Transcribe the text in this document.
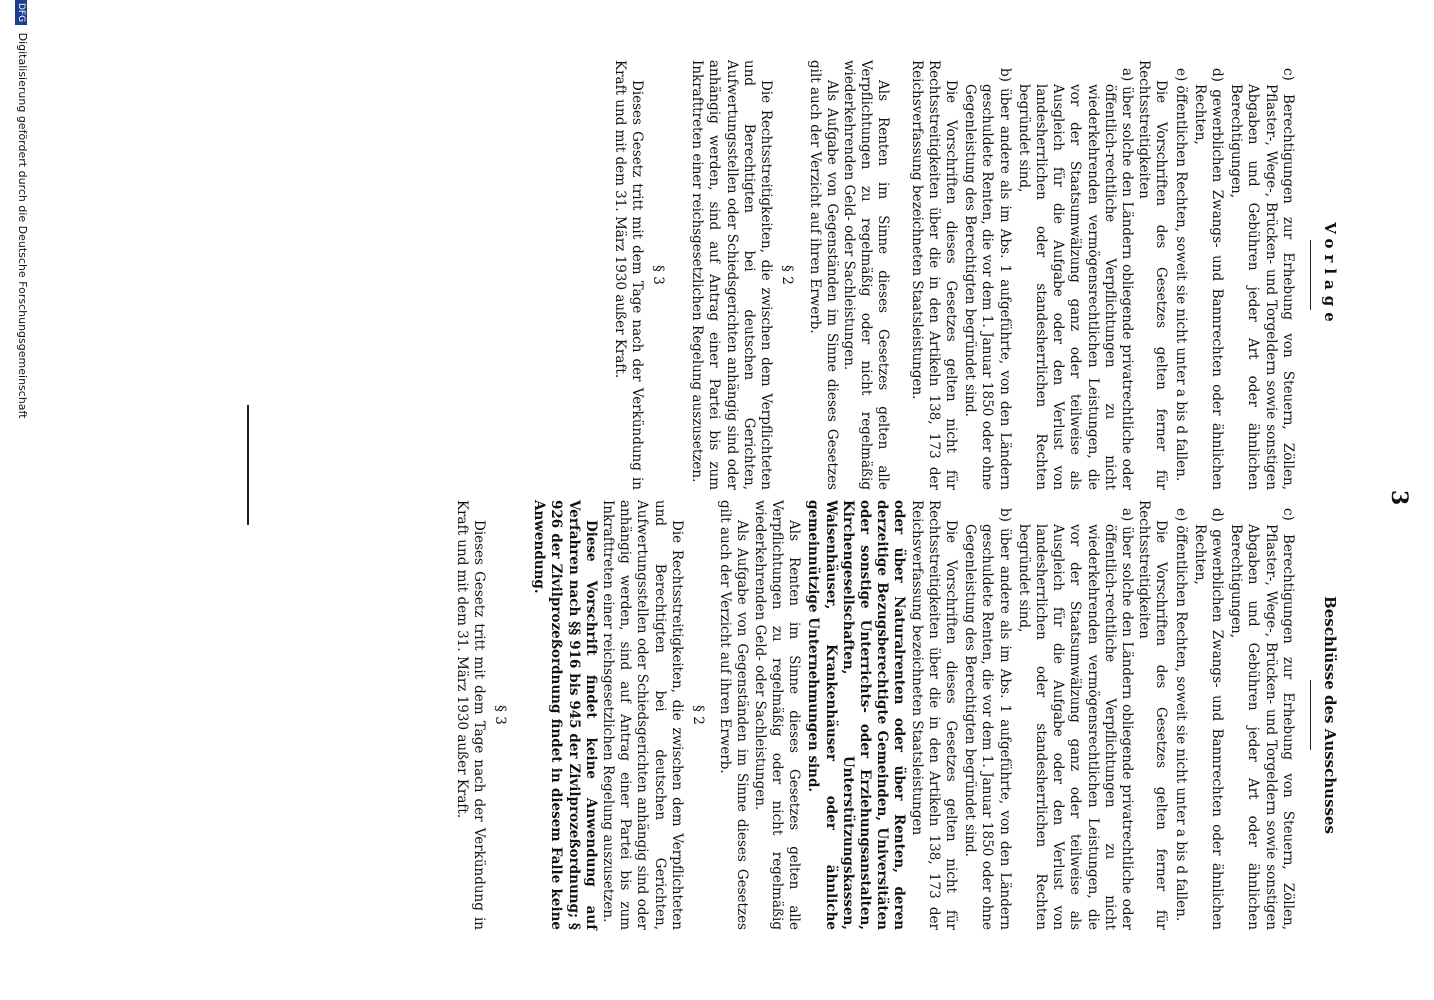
3
Vorlage

c) Berechtigungen zur Erhebung von Steuern, Zöllen, Pflaster-, Wege-, Brücken- und Torgeldern sowie sonstigen Abgaben und Gebühren jeder Art oder ähnlichen Berechtigungen,

d) gewerblichen Zwangs- und Bannrechten oder ähnlichen Rechten,

e) öffentlichen Rechten, soweit sie nicht unter a bis d fallen.

Die Vorschriften des Gesetzes gelten ferner für Rechtsstreitigkeiten

a) über solche den Ländern obliegende privatrechtliche oder öffentlich-rechtliche Verpflichtungen zu nicht wiederkehrenden vermögensrechtlichen Leistungen, die vor der Staatsumwälzung ganz oder teilweise als Ausgleich für die Aufgabe oder den Verlust von landesherrlichen oder standesherrlichen Rechten begründet sind,

b) über andere als im Abs. 1 aufgeführte, von den Ländern geschuldete Renten, die vor dem 1. Januar 1850 oder ohne Gegenleistung des Berechtigten begründet sind.

Die Vorschriften dieses Gesetzes gelten nicht für Rechtsstreitigkeiten über die in den Artikeln 138, 173 der Reichsverfassung bezeichneten Staatsleistungen.

Als Renten im Sinne dieses Gesetzes gelten alle Verpflichtungen zu regelmäßig oder nicht regelmäßig wiederkehrenden Geld- oder Sachleistungen.

Als Aufgabe von Gegenständen im Sinne dieses Gesetzes gilt auch der Verzicht auf ihren Erwerb.

§ 2

Die Rechtsstreitigkeiten, die zwischen dem Verpflichteten und Berechtigten bei deutschen Gerichten, Aufwertungsstellen oder Schiedsgerichten anhängig sind oder anhängig werden, sind auf Antrag einer Partei bis zum Inkrafttreten einer reichsgesetzlichen Regelung auszusetzen.

§ 3

Dieses Gesetz tritt mit dem Tage nach der Verkündung in Kraft und mit dem 31. März 1930 außer Kraft.

Beschlüsse des Ausschusses

c) Berechtigungen zur Erhebung von Steuern, Zöllen, Pflaster-, Wege-, Brücken- und Torgeldern sowie sonstigen Abgaben und Gebühren jeder Art oder ähnlichen Berechtigungen,

d) gewerblichen Zwangs- und Bannrechten oder ähnlichen Rechten,

e) öffentlichen Rechten, soweit sie nicht unter a bis d fallen.

Die Vorschriften des Gesetzes gelten ferner für Rechtsstreitigkeiten

a) über solche den Ländern obliegende privatrechtliche oder öffentlich-rechtliche Verpflichtungen zu nicht wiederkehrenden vermögensrechtlichen Leistungen, die vor der Staatsumwälzung ganz oder teilweise als Ausgleich für die Aufgabe oder den Verlust von landesherrlichen oder standesherrlichen Rechten begründet sind,

b) über andere als im Abs. 1 aufgeführte, von den Ländern geschuldete Renten, die vor dem 1. Januar 1850 oder ohne Gegenleistung des Berechtigten begründet sind.

Die Vorschriften dieses Gesetzes gelten nicht für Rechtsstreitigkeiten über die in den Artikeln 138, 173 der Reichsverfassung bezeichneten Staatsleistungen

oder über Naturalrenten oder über Renten, deren derzeitige Bezugsberechtigte Gemeinden, Universitäten oder sonstige Unterrichts- oder Erziehungsanstalten, Kirchengesellschaften, Unterstützungskassen, Waisenhäuser, Krankenhäuser oder ähnliche gemeinnützige Unternehmungen sind.

Als Renten im Sinne dieses Gesetzes gelten alle Verpflichtungen zu regelmäßig oder nicht regelmäßig wiederkehrenden Geld- oder Sachleistungen.

Als Aufgabe von Gegenständen im Sinne dieses Gesetzes gilt auch der Verzicht auf ihren Erwerb.

§ 2

Die Rechtsstreitigkeiten, die zwischen dem Verpflichteten und Berechtigten bei deutschen Gerichten, Aufwertungsstellen oder Schiedsgerichten anhängig sind oder anhängig werden, sind auf Antrag einer Partei bis zum Inkrafttreten einer reichsgesetzlichen Regelung auszusetzen.

Diese Vorschrift findet keine Anwendung auf Verfahren nach §§ 916 bis 945 der Zivilprozeßordnung; § 926 der Zivilprozeßordnung findet in diesem Falle keine Anwendung.

§ 3

Dieses Gesetz tritt mit dem Tage nach der Verkündung in Kraft und mit dem 31. März 1930 außer Kraft.

DFG Digitalisierung gefördert durch die Deutsche Forschungsgemeinschaft
